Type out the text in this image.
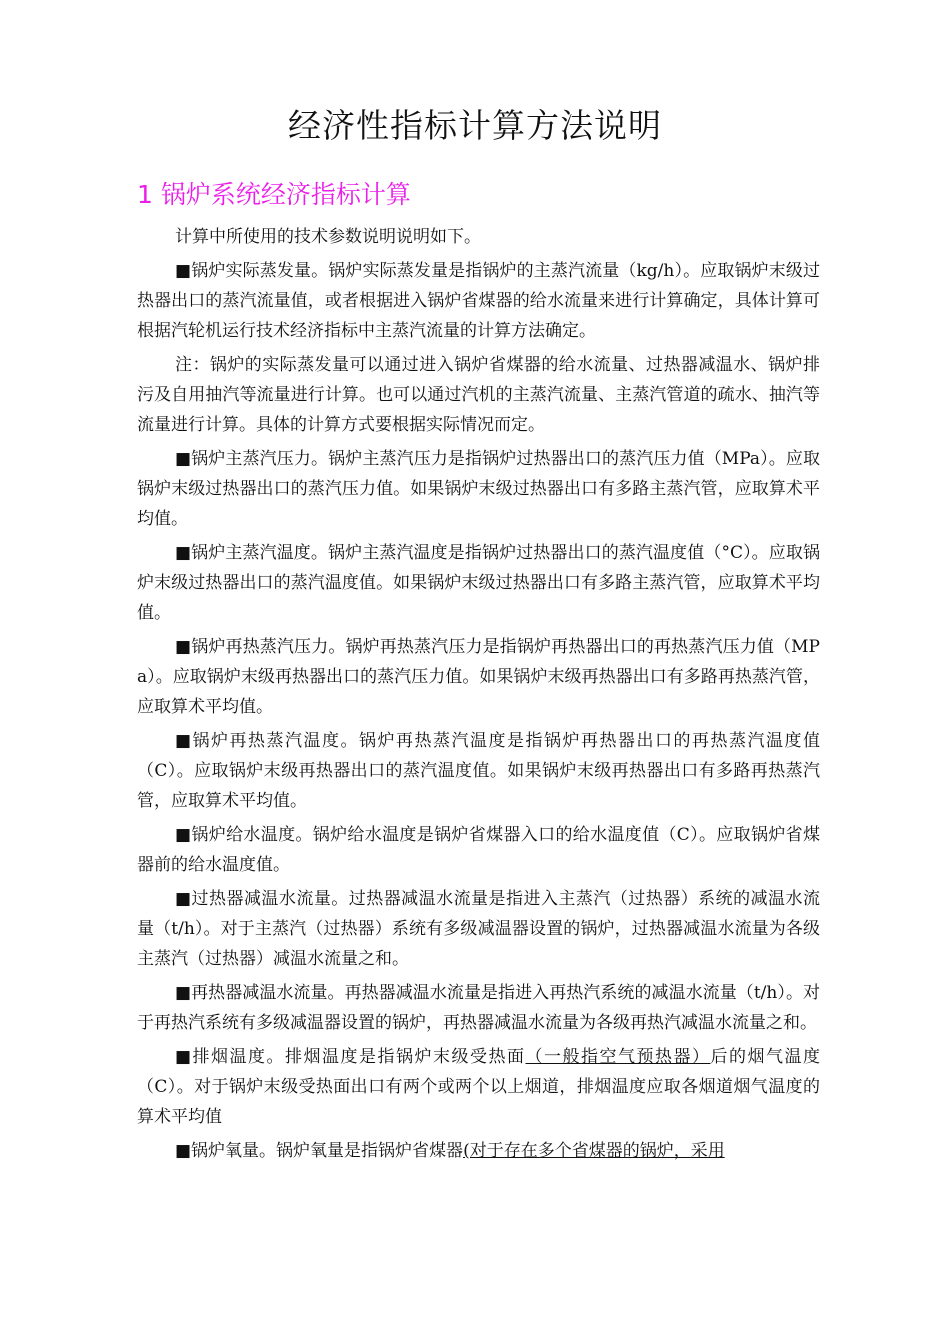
经济性指标计算方法说明
1 锅炉系统经济指标计算

计算中所使用的技术参数说明说明如下。

■锅炉实际蒸发量。锅炉实际蒸发量是指锅炉的主蒸汽流量（kg/h）。应取锅炉末级过热器出口的蒸汽流量值，或者根据进入锅炉省煤器的给水流量来进行计算确定，具体计算可根据汽轮机运行技术经济指标中主蒸汽流量的计算方法确定。

注：锅炉的实际蒸发量可以通过进入锅炉省煤器的给水流量、过热器减温水、锅炉排污及自用抽汽等流量进行计算。也可以通过汽机的主蒸汽流量、主蒸汽管道的疏水、抽汽等流量进行计算。具体的计算方式要根据实际情况而定。

■锅炉主蒸汽压力。锅炉主蒸汽压力是指锅炉过热器出口的蒸汽压力值（MPa）。应取锅炉末级过热器出口的蒸汽压力值。如果锅炉末级过热器出口有多路主蒸汽管，应取算术平均值。

■锅炉主蒸汽温度。锅炉主蒸汽温度是指锅炉过热器出口的蒸汽温度值（°C）。应取锅炉末级过热器出口的蒸汽温度值。如果锅炉末级过热器出口有多路主蒸汽管，应取算术平均值。

■锅炉再热蒸汽压力。锅炉再热蒸汽压力是指锅炉再热器出口的再热蒸汽压力值（MPa）。应取锅炉末级再热器出口的蒸汽压力值。如果锅炉末级再热器出口有多路再热蒸汽管，应取算术平均值。

■锅炉再热蒸汽温度。锅炉再热蒸汽温度是指锅炉再热器出口的再热蒸汽温度值（C）。应取锅炉末级再热器出口的蒸汽温度值。如果锅炉末级再热器出口有多路再热蒸汽管，应取算术平均值。

■锅炉给水温度。锅炉给水温度是锅炉省煤器入口的给水温度值（C）。应取锅炉省煤器前的给水温度值。

■过热器减温水流量。过热器减温水流量是指进入主蒸汽（过热器）系统的减温水流量（t/h）。对于主蒸汽（过热器）系统有多级减温器设置的锅炉，过热器减温水流量为各级主蒸汽（过热器）减温水流量之和。

■再热器减温水流量。再热器减温水流量是指进入再热汽系统的减温水流量（t/h）。对于再热汽系统有多级减温器设置的锅炉，再热器减温水流量为各级再热汽减温水流量之和。

■排烟温度。排烟温度是指锅炉末级受热面（一般指空气预热器）后的烟气温度（C）。对于锅炉末级受热面出口有两个或两个以上烟道，排烟温度应取各烟道烟气温度的算术平均值

■锅炉氧量。锅炉氧量是指锅炉省煤器(对于存在多个省煤器的锅炉，采用
